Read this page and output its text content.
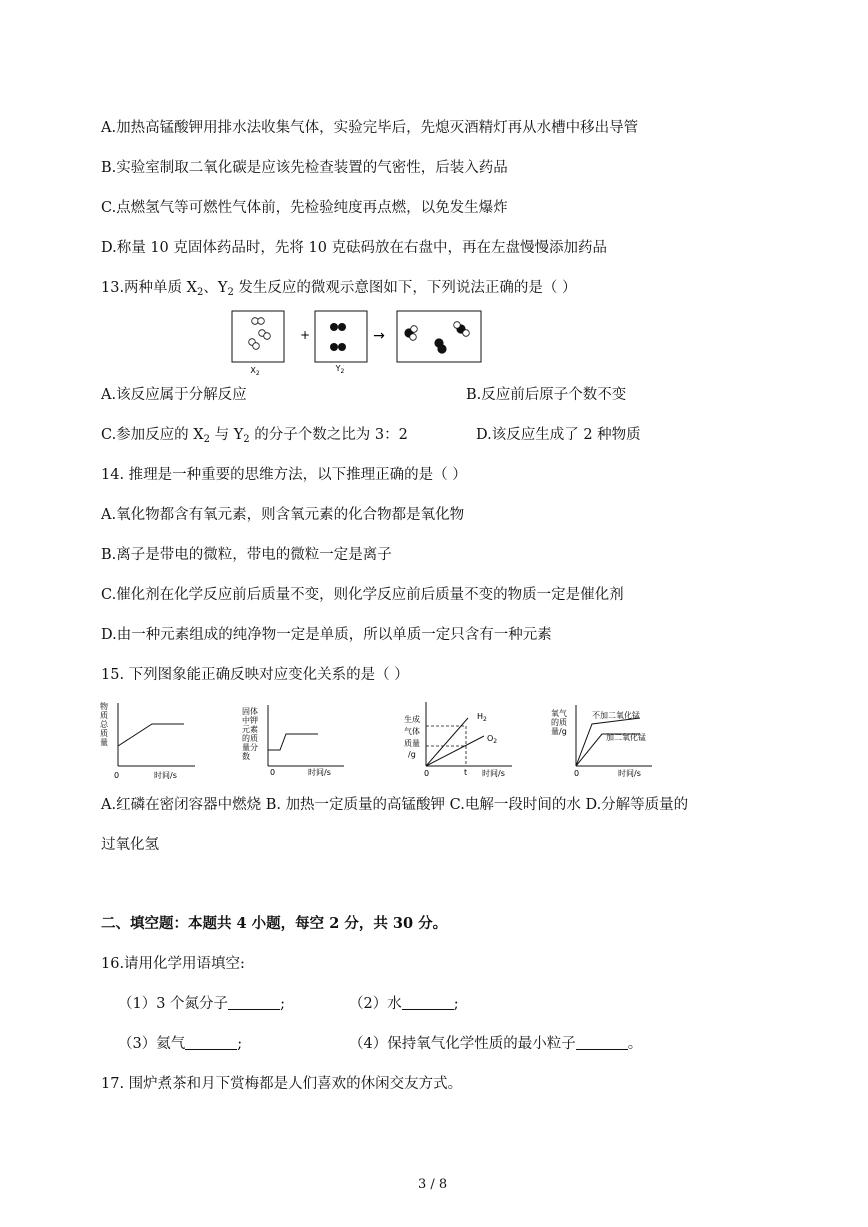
A.加热高锰酸钾用排水法收集气体，实验完毕后，先熄灭酒精灯再从水槽中移出导管
B.实验室制取二氧化碳是应该先检查装置的气密性，后装入药品
C.点燃氢气等可燃性气体前，先检验纯度再点燃，以免发生爆炸
D.称量 10 克固体药品时，先将 10 克砝码放在右盘中，再在左盘慢慢添加药品
13.两种单质 $X_2$、$Y_2$ 发生反应的微观示意图如下，下列说法正确的是（ ）
+	→
$X_2$
$Y_2$
A.该反应属于分解反应	B.反应前后原子个数不变
C.参加反应的 $X_2$ 与 $Y_2$ 的分子个数之比为 3：2	D.该反应生成了 2 种物质
14. 推理是一种重要的思维方法，以下推理正确的是（ ）
A.氧化物都含有氧元素，则含氧元素的化合物都是氧化物
B.离子是带电的微粒，带电的微粒一定是离子
C.催化剂在化学反应前后质量不变，则化学反应前后质量不变的物质一定是催化剂
D.由一种元素组成的纯净物一定是单质，所以单质一定只含有一种元素
15. 下列图象能正确反映对应变化关系的是（ ）
物
质
总
质
量
0	时间/s
固体
中钾
元素
的质
量分
数
0	时间/s
生成
气体
质量
/g
0	t 时间/s
$H_2$
$O_2$
氧气
的质
量/g
0	时间/s
不加二氧化锰
加二氧化锰
A.红磷在密闭容器中燃烧 B. 加热一定质量的高锰酸钾 C.电解一段时间的水 D.分解等质量的
过氧化氢
二、填空题：本题共 4 小题，每空 2 分，共 30 分。
16.请用化学用语填空:
（1）3 个氮分子	;	（2）水	;
（3）氦气	;	（4）保持氧气化学性质的最小粒子	。
17. 围炉煮茶和月下赏梅都是人们喜欢的休闲交友方式。
3 / 8
